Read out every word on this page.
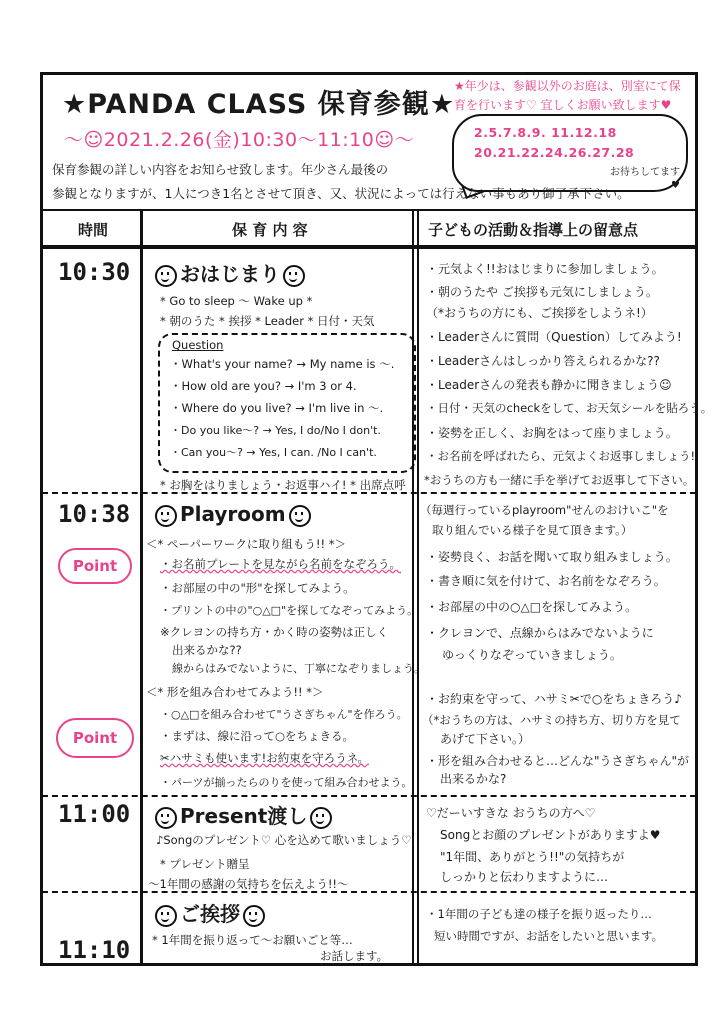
★PANDA CLASS 保育参観★
〜☺2021.2.26(金)10:30〜11:10☺〜
★年少は、参観以外のお庭は、別室にて保育を行います♡ 宜しくお願い致します♥
2.5.7.8.9. 11.12.18
20.21.22.24.26.27.28
お待ちしてます♥
保育参観の詳しい内容をお知らせ致します。年少さん最後の
参観となりますが、1人につき1名とさせて頂き、又、状況によっては行えない事もあり御了承下さい。
時間	保 育 内 容	子どもの活動＆指導上の留意点
10:30
10:38
11:00
11:10
Point
Point
おはじまり
* Go to sleep 〜 Wake up *
* 朝のうた * 挨拶 * Leader * 日付・天気
Question
・What's your name? → My name is 〜.
・How old are you? → I'm 3 or 4.
・Where do you live? → I'm live in 〜.
・Do you like〜? → Yes, I do/No I don't.
・Can you〜? → Yes, I can. /No I can't.
* お胸をはりましょう・お返事ハイ! * 出席点呼
・元気よく!!おはじまりに参加しましょう。
・朝のうたや ご挨拶も元気にしましょう。
（*おうちの方にも、ご挨拶をしようネ!）
・Leaderさんに質問（Question）してみよう!
・Leaderさんはしっかり答えられるかな??
・Leaderさんの発表も静かに聞きましょう☺
・日付・天気のcheckをして、お天気シールを貼ろう。
・姿勢を正しく、お胸をはって座りましょう。
・お名前を呼ばれたら、元気よくお返事しましょう!
*おうちの方も一緒に手を挙げてお返事して下さい。
Playroom
＜* ペーパーワークに取り組もう!! *＞
・お名前プレートを見ながら名前をなぞろう。
・お部屋の中の"形"を探してみよう。
・プリントの中の"○△□"を探してなぞってみよう。
※クレヨンの持ち方・かく時の姿勢は正しく
出来るかな??
線からはみでないように、丁寧になぞりましょう。
＜* 形を組み合わせてみよう!! *＞
・○△□を組み合わせて"うさぎちゃん"を作ろう。
・まずは、線に沿って○をちょきる。
✂ハサミも使います!お約束を守ろうネ。
・パーツが揃ったらのりを使って組み合わせよう。
（毎週行っているplayroom"せんのおけいこ"を
取り組んでいる様子を見て頂きます。）
・姿勢良く、お話を聞いて取り組みましょう。
・書き順に気を付けて、お名前をなぞろう。
・お部屋の中の○△□を探してみよう。
・クレヨンで、点線からはみでないように
ゆっくりなぞっていきましょう。
・お約束を守って、ハサミ✂で○をちょきろう♪
（*おうちの方は、ハサミの持ち方、切り方を見て
あげて下さい。）
・形を組み合わせると…どんな"うさぎちゃん"が
出来るかな?
Present渡し
♪Songのプレゼント♡ 心を込めて歌いましょう♡
* プレゼント贈呈
〜1年間の感謝の気持ちを伝えよう!!〜
♡だーいすきな おうちの方へ♡
Songとお顔のプレゼントがありますよ♥
"1年間、ありがとう!!"の気持ちが
しっかりと伝わりますように…
ご挨拶
* 1年間を振り返って〜お願いごと等…
お話します。
・1年間の子ども達の様子を振り返ったり…
短い時間ですが、お話をしたいと思います。
